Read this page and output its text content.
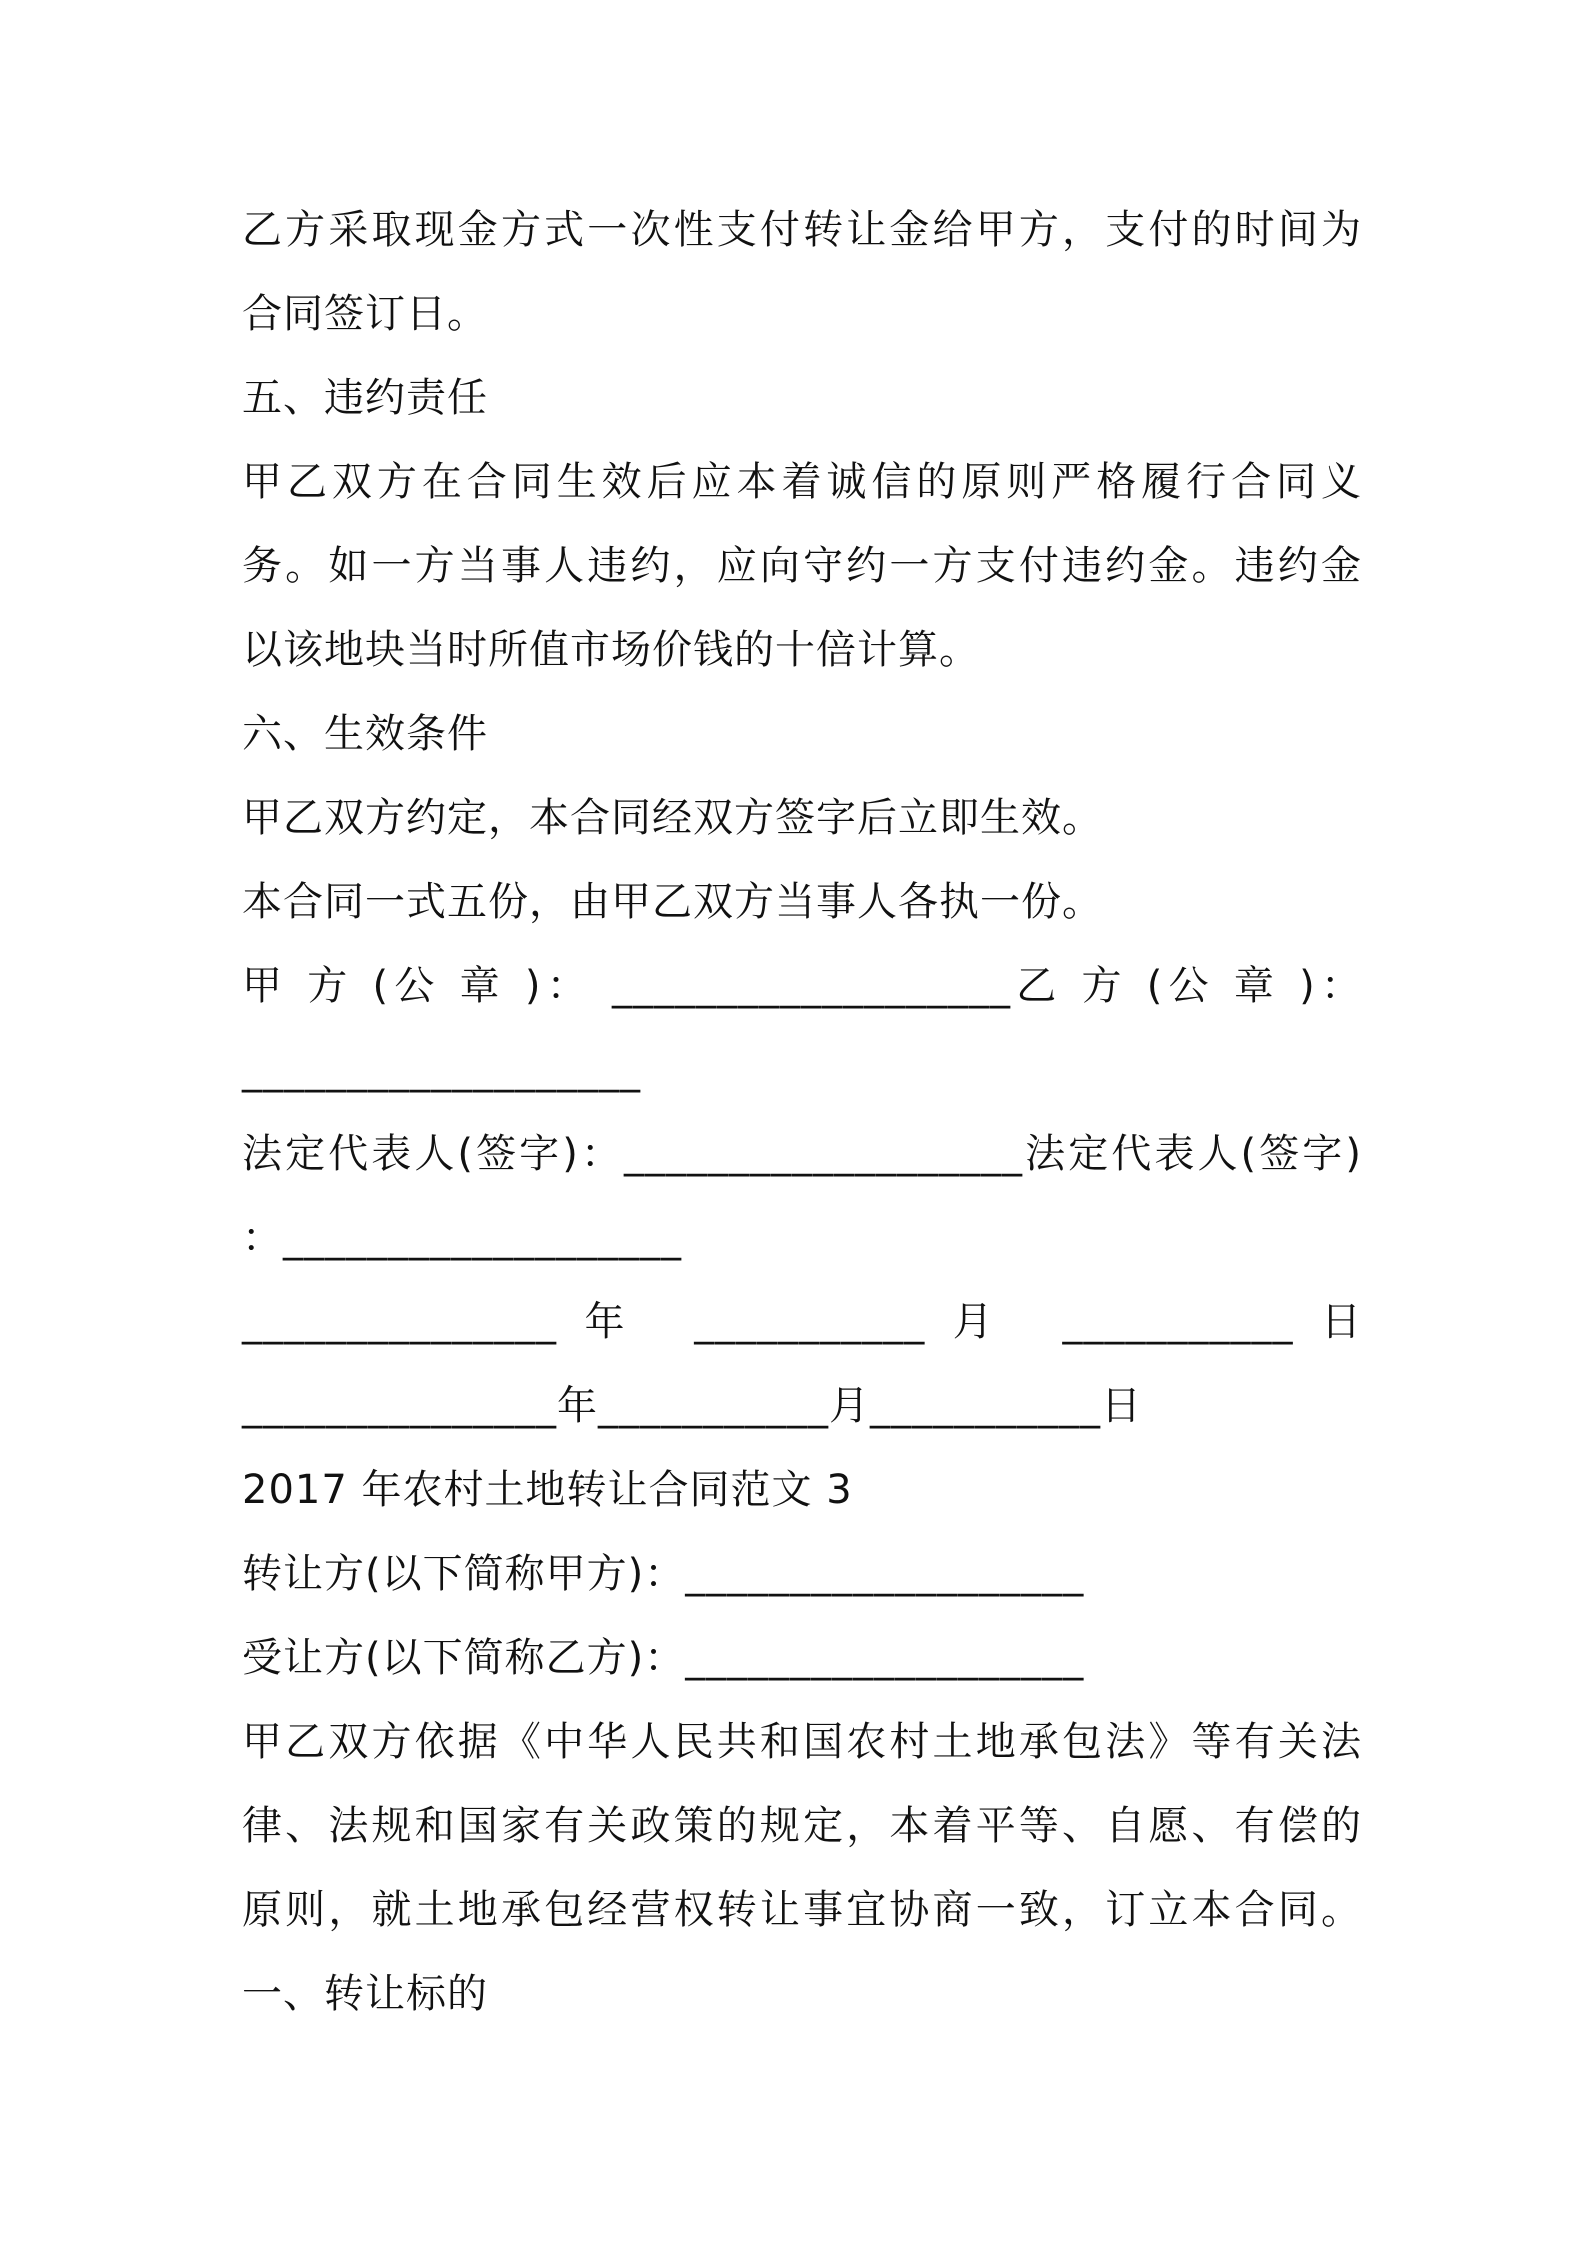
乙方采取现金方式一次性支付转让金给甲方，支付的时间为
合同签订日。
五、违约责任
甲乙双方在合同生效后应本着诚信的原则严格履行合同义
务。如一方当事人违约，应向守约一方支付违约金。违约金
以该地块当时所值市场价钱的十倍计算。
六、生效条件
甲乙双方约定，本合同经双方签字后立即生效。
本合同一式五份，由甲乙双方当事人各执一份。
甲 方 (公 章 )： ___________________乙 方 (公 章 )：
___________________
法定代表人(签字)：___________________法定代表人(签字)
：___________________
_______________年 ___________月 ___________日
_______________年___________月___________日
2017 年农村土地转让合同范文 3
转让方(以下简称甲方)：___________________
受让方(以下简称乙方)：___________________
甲乙双方依据《中华人民共和国农村土地承包法》等有关法
律、法规和国家有关政策的规定，本着平等、自愿、有偿的
原则，就土地承包经营权转让事宜协商一致，订立本合同。
一、转让标的
